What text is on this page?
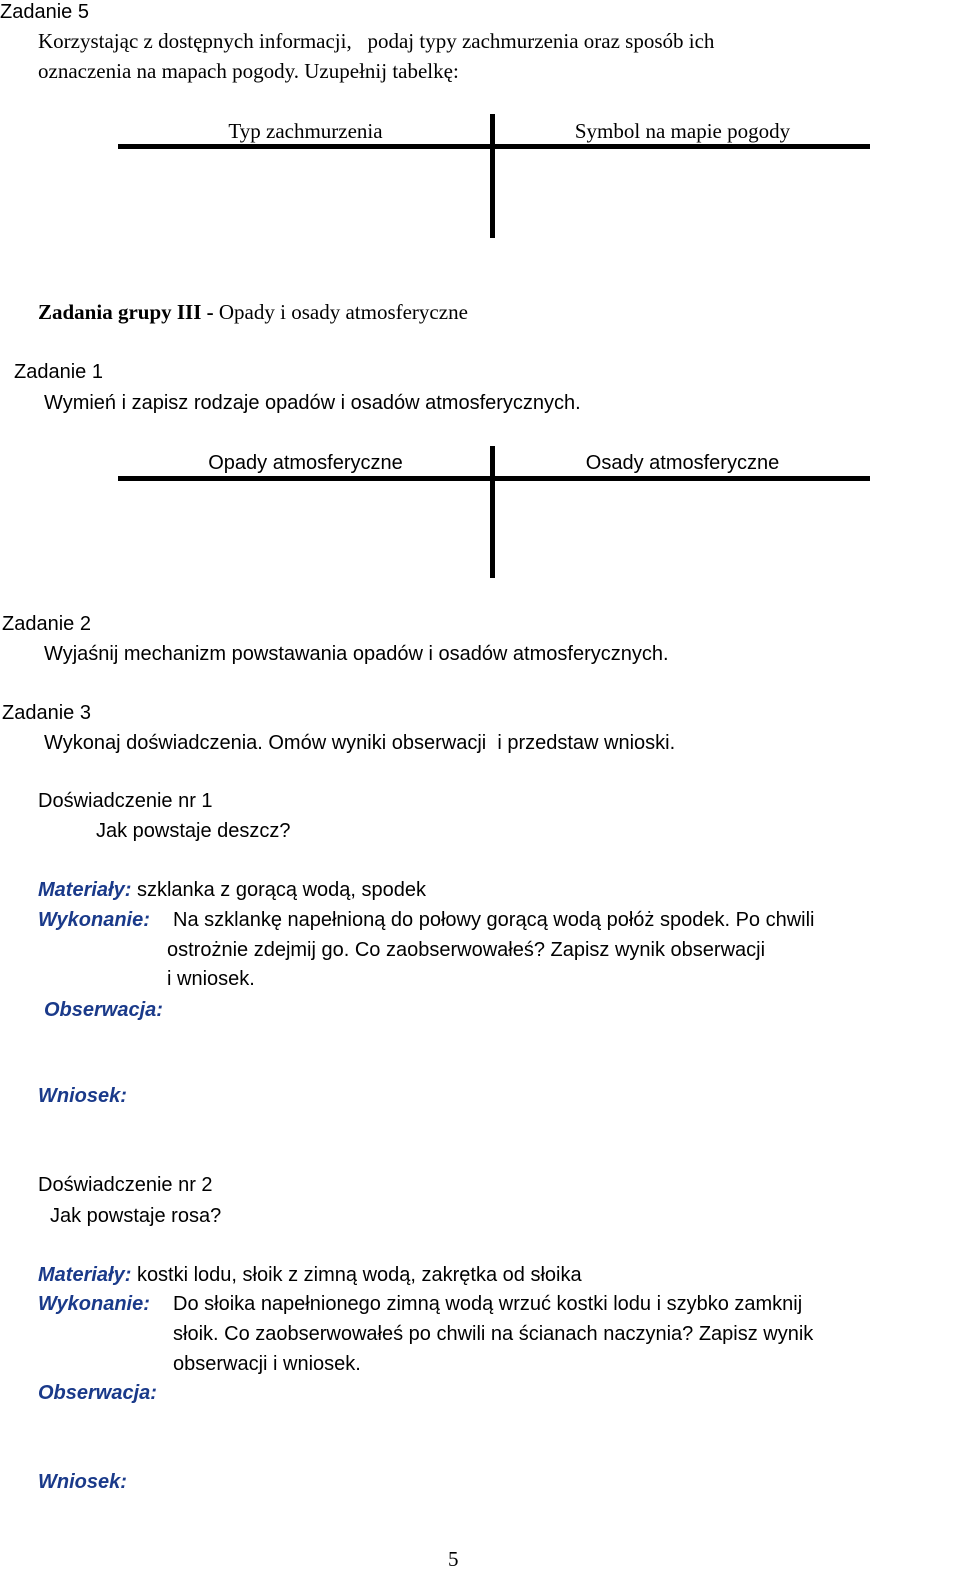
Zadanie 5
Korzystając z dostępnych informacji,   podaj typy zachmurzenia oraz sposób ich
oznaczenia na mapach pogody. Uzupełnij tabelkę:
Typ zachmurzenia	Symbol na mapie pogody
Zadania grupy III - Opady i osady atmosferyczne
Zadanie 1
Wymień i zapisz rodzaje opadów i osadów atmosferycznych.
Opady atmosferyczne	Osady atmosferyczne
Zadanie 2
Wyjaśnij mechanizm powstawania opadów i osadów atmosferycznych.
Zadanie 3
Wykonaj doświadczenia. Omów wyniki obserwacji  i przedstaw wnioski.
Doświadczenie nr 1
Jak powstaje deszcz?
Materiały: szklanka z gorącą wodą, spodek
Wykonanie: Na szklankę napełnioną do połowy gorącą wodą połóż spodek. Po chwili
ostrożnie zdejmij go. Co zaobserwowałeś? Zapisz wynik obserwacji
i wniosek.
Obserwacja:
Wniosek:
Doświadczenie nr 2
Jak powstaje rosa?
Materiały: kostki lodu, słoik z zimną wodą, zakrętka od słoika
Wykonanie: Do słoika napełnionego zimną wodą wrzuć kostki lodu i szybko zamknij
słoik. Co zaobserwowałeś po chwili na ścianach naczynia? Zapisz wynik
obserwacji i wniosek.
Obserwacja:
Wniosek:
5
